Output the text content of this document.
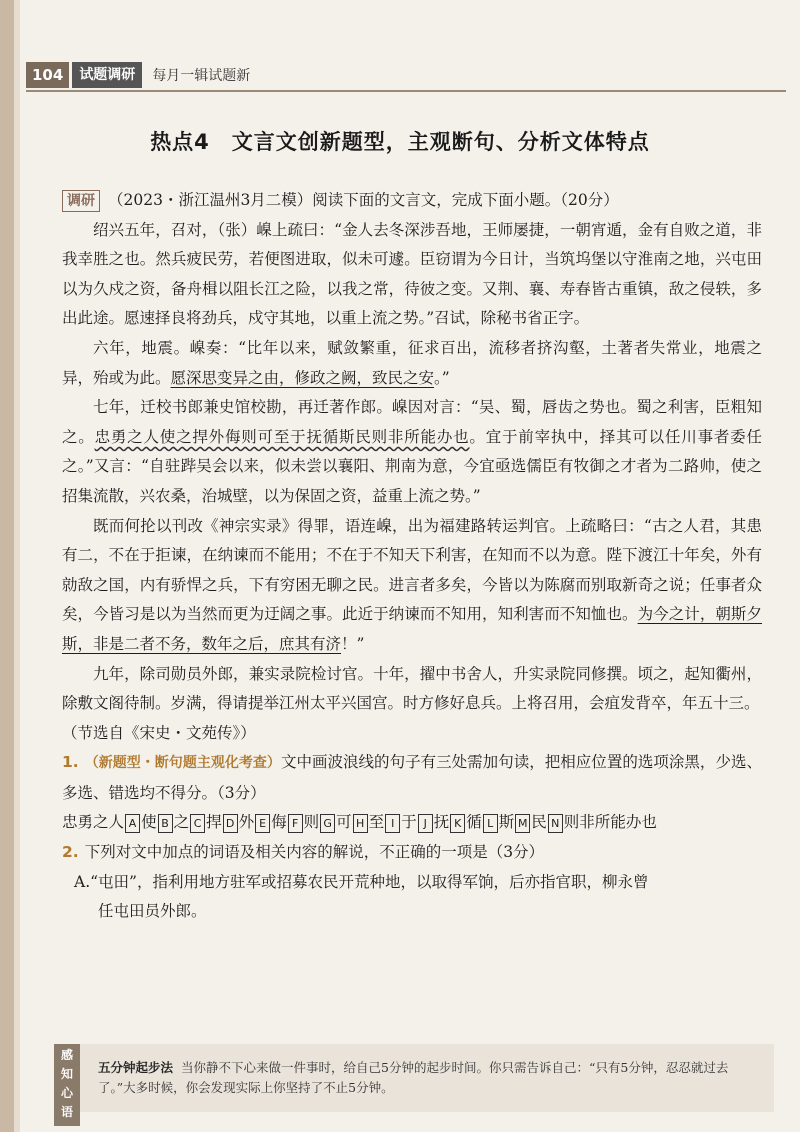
104	试题调研	每月一辑试题新
热点4　文言文创新题型，主观断句、分析文体特点

调研 （2023・浙江温州3月二模）阅读下面的文言文，完成下面小题。（20分）

绍兴五年，召对，（张）嵲上疏曰：“金人去冬深涉吾地，王师屡捷，一朝宵遁，金有自败之道，非我幸胜之也。然兵疲民劳，若便图进取，似未可遽。臣窃谓为今日计，当筑坞堡以守淮南之地，兴屯田以为久戍之资，备舟楫以阻长江之险，以我之常，待彼之变。又荆、襄、寿春皆古重镇，敌之侵轶，多出此途。愿速择良将劲兵，戍守其地，以重上流之势。”召试，除秘书省正字。

六年，地震。嵲奏：“比年以来，赋敛繁重，征求百出，流移者挤沟壑，土著者失常业，地震之异，殆或为此。愿深思变异之由，修政之阙，致民之安。”

七年，迁校书郎兼史馆校勘，再迁著作郎。嵲因对言：“吴、蜀，唇齿之势也。蜀之利害，臣粗知之。忠勇之人使之捍外侮则可至于抚循斯民则非所能办也。宜于前宰执中，择其可以任川事者委任之。”又言：“自驻跸吴会以来，似未尝以襄阳、荆南为意，今宜亟选儒臣有牧御之才者为二路帅，使之招集流散，兴农桑，治城壁，以为保固之资，益重上流之势。”

既而何抡以刊改《神宗实录》得罪，语连嵲，出为福建路转运判官。上疏略曰：“古之人君，其患有二，不在于拒谏，在纳谏而不能用；不在于不知天下利害，在知而不以为意。陛下渡江十年矣，外有勍敌之国，内有骄悍之兵，下有穷困无聊之民。进言者多矣，今皆以为陈腐而别取新奇之说；任事者众矣，今皆习是以为当然而更为迂阔之事。此近于纳谏而不知用，知利害而不知恤也。为今之计，朝斯夕斯，非是二者不务，数年之后，庶其有济！”

九年，除司勋员外郎，兼实录院检讨官。十年，擢中书舍人，升实录院同修撰。顷之，起知衢州，除敷文阁待制。岁满，得请提举江州太平兴国宫。时方修好息兵。上将召用，会疽发背卒，年五十三。

（节选自《宋史・文苑传》）

1. （新题型・断句题主观化考查）文中画波浪线的句子有三处需加句读，把相应位置的选项涂黑，少选、多选、错选均不得分。（3分）

忠 勇 之 人 A 使 B 之 C 捍 D 外 E 侮 F 则 G 可 H 至 I 于 J 抚 K 循 L 斯 M 民 N 则 非 所 能 办 也

2. 下列对文中加点的词语及相关内容的解说，不正确的一项是（3分）

A.“屯田”，指利用地方驻军或招募农民开荒种地，以取得军饷，后亦指官职，柳永曾

任屯田员外郎。

感知心语
五分钟起步法 当你静不下心来做一件事时，给自己5分钟的起步时间。你只需告诉自己：“只有5分钟，忍忍就过去了。”大多时候，你会发现实际上你坚持了不止5分钟。
